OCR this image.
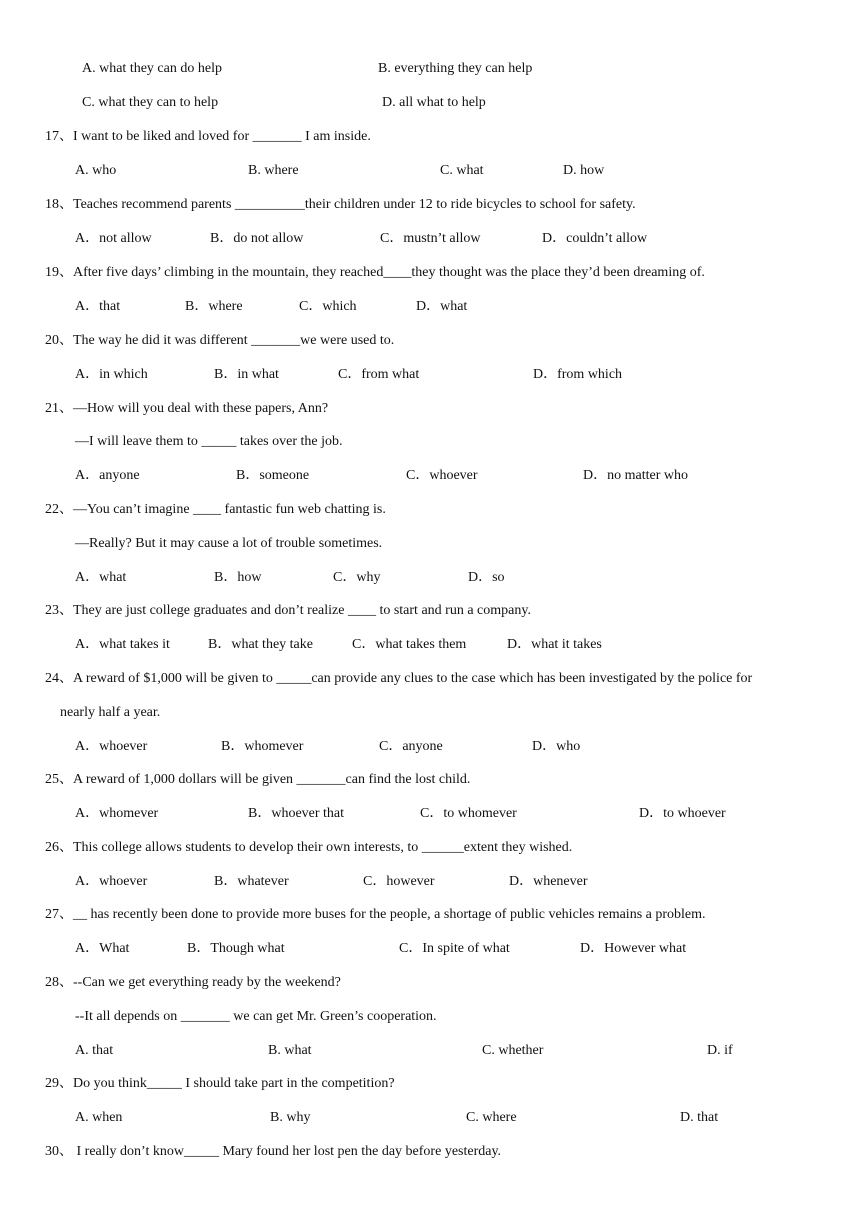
A. what they can do help	B. everything they can help
C. what they can to help	D. all what to help
17、I want to be liked and loved for _______ I am inside.
A. who	B. where	C. what	D. how
18、Teaches recommend parents __________their children under 12 to ride bicycles to school for safety.
A．not allow	B．do not allow	C．mustn’t allow	D．couldn’t allow
19、After five days’ climbing in the mountain, they reached____they thought was the place they’d been dreaming of.
A．that	B．where	C．which	D．what
20、The way he did it was different _______we were used to.
A．in which	B．in what	C．from what	D．from which
21、—How will you deal with these papers, Ann?
—I will leave them to _____ takes over the job.
A．anyone	B．someone	C．whoever	D．no matter who
22、—You can’t imagine ____ fantastic fun web chatting is.
—Really? But it may cause a lot of trouble sometimes.
A．what	B．how	C．why	D．so
23、They are just college graduates and don’t realize ____ to start and run a company.
A．what takes it	B．what they take	C．what takes them	D．what it takes
24、A reward of $1,000 will be given to _____can provide any clues to the case which has been investigated by the police for
nearly half a year.
A．whoever	B．whomever	C．anyone	D．who
25、A reward of 1,000 dollars will be given _______can find the lost child.
A．whomever	B．whoever that	C．to whomever	D．to whoever
26、This college allows students to develop their own interests, to ______extent they wished.
A．whoever	B．whatever	C．however	D．whenever
27、__ has recently been done to provide more buses for the people, a shortage of public vehicles remains a problem.
A．What	B．Though what	C．In spite of what	D．However what
28、--Can we get everything ready by the weekend?
--It all depends on _______ we can get Mr. Green’s cooperation.
A. that	B. what	C. whether	D. if
29、Do you think_____ I should take part in the competition?
A. when	B. why	C. where	D. that
30、 I really don’t know_____ Mary found her lost pen the day before yesterday.
